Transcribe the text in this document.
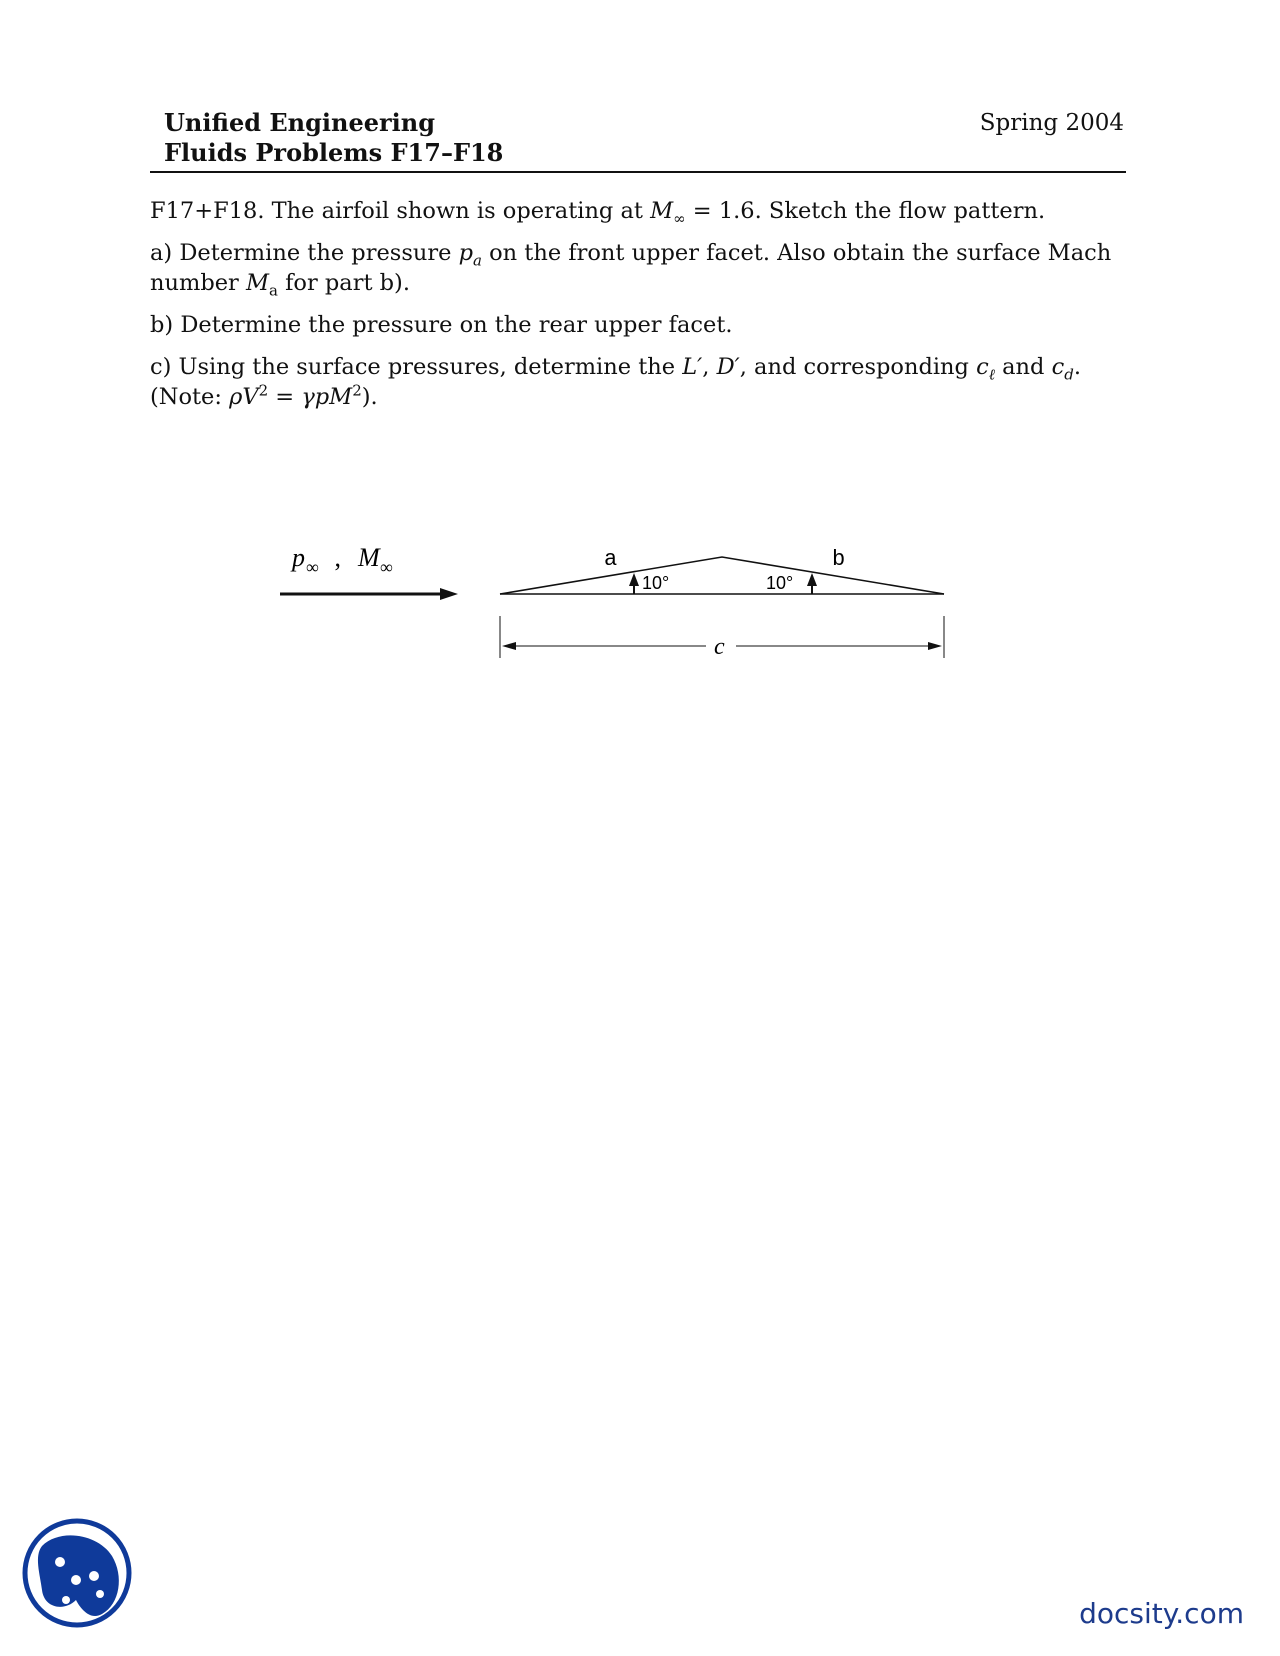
Unified Engineering
Fluids Problems F17–F18
Spring 2004

F17+F18. The airfoil shown is operating at $M_\infty = 1.6$. Sketch the flow pattern.

a) Determine the pressure $p_a$ on the front upper facet. Also obtain the surface Mach number $M_a$ for part b).

b) Determine the pressure on the rear upper facet.

c) Using the surface pressures, determine the L′, D′, and corresponding $c_\ell$ and $c_d$.
(Note: $\rho V^2 = \gamma pM^2$).

p ∞ , M ∞	a	b
10°	10°
c
docsity.com
